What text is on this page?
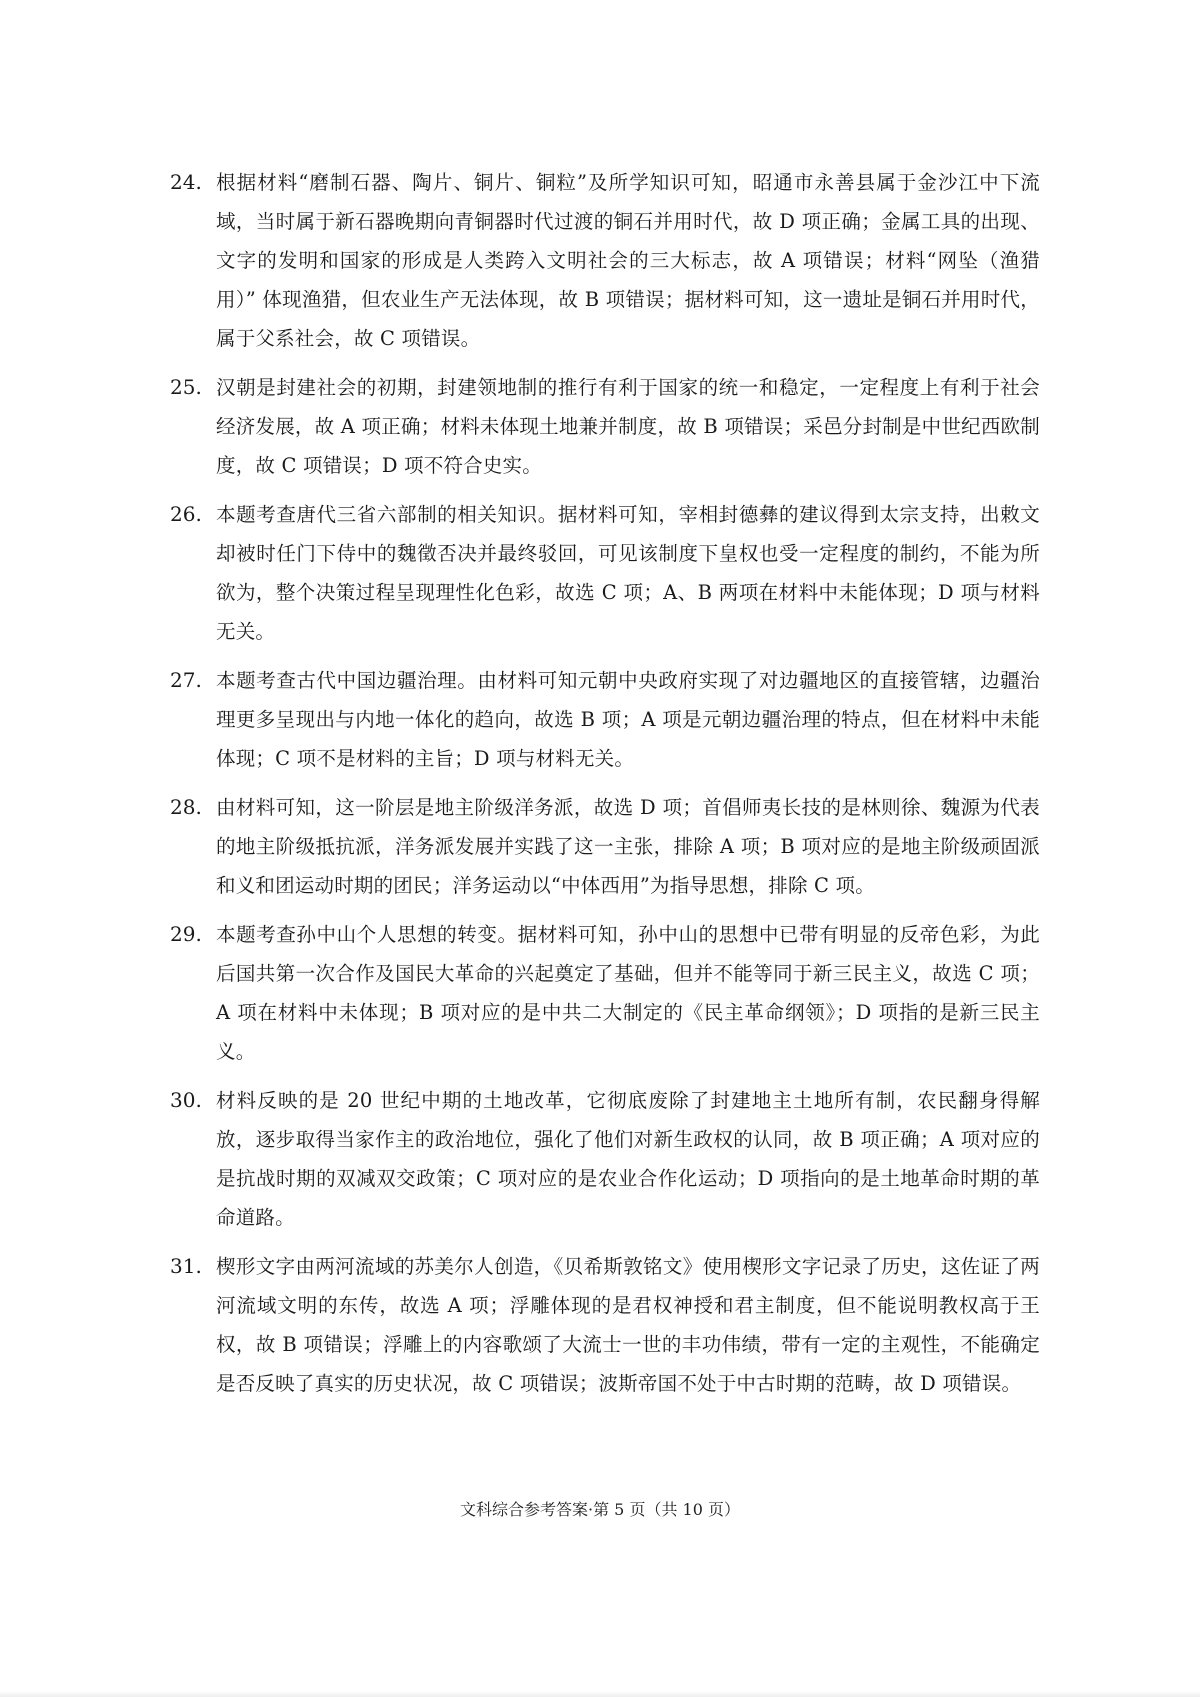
24. 根据材料“磨制石器、陶片、铜片、铜粒”及所学知识可知，昭通市永善县属于金沙江中下流域，当时属于新石器晚期向青铜器时代过渡的铜石并用时代，故 D 项正确；金属工具的出现、文字的发明和国家的形成是人类跨入文明社会的三大标志，故 A 项错误；材料“网坠（渔猎用）” 体现渔猎，但农业生产无法体现，故 B 项错误；据材料可知，这一遗址是铜石并用时代，属于父系社会，故 C 项错误。
25. 汉朝是封建社会的初期，封建领地制的推行有利于国家的统一和稳定，一定程度上有利于社会经济发展，故 A 项正确；材料未体现土地兼并制度，故 B 项错误；采邑分封制是中世纪西欧制度，故 C 项错误；D 项不符合史实。
26. 本题考查唐代三省六部制的相关知识。据材料可知，宰相封德彝的建议得到太宗支持，出敕文却被时任门下侍中的魏徵否决并最终驳回，可见该制度下皇权也受一定程度的制约，不能为所欲为，整个决策过程呈现理性化色彩，故选 C 项；A、B 两项在材料中未能体现；D 项与材料无关。
27. 本题考查古代中国边疆治理。由材料可知元朝中央政府实现了对边疆地区的直接管辖，边疆治理更多呈现出与内地一体化的趋向，故选 B 项；A 项是元朝边疆治理的特点，但在材料中未能体现；C 项不是材料的主旨；D 项与材料无关。
28. 由材料可知，这一阶层是地主阶级洋务派，故选 D 项；首倡师夷长技的是林则徐、魏源为代表的地主阶级抵抗派，洋务派发展并实践了这一主张，排除 A 项；B 项对应的是地主阶级顽固派和义和团运动时期的团民；洋务运动以“中体西用”为指导思想，排除 C 项。
29. 本题考查孙中山个人思想的转变。据材料可知，孙中山的思想中已带有明显的反帝色彩，为此后国共第一次合作及国民大革命的兴起奠定了基础，但并不能等同于新三民主义，故选 C 项；A 项在材料中未体现；B 项对应的是中共二大制定的《民主革命纲领》；D 项指的是新三民主义。
30. 材料反映的是 20 世纪中期的土地改革，它彻底废除了封建地主土地所有制，农民翻身得解放，逐步取得当家作主的政治地位，强化了他们对新生政权的认同，故 B 项正确；A 项对应的是抗战时期的双减双交政策；C 项对应的是农业合作化运动；D 项指向的是土地革命时期的革命道路。
31. 楔形文字由两河流域的苏美尔人创造，《贝希斯敦铭文》使用楔形文字记录了历史，这佐证了两河流域文明的东传，故选 A 项；浮雕体现的是君权神授和君主制度，但不能说明教权高于王权，故 B 项错误；浮雕上的内容歌颂了大流士一世的丰功伟绩，带有一定的主观性，不能确定是否反映了真实的历史状况，故 C 项错误；波斯帝国不处于中古时期的范畴，故 D 项错误。
文科综合参考答案·第 5 页（共 10 页）
